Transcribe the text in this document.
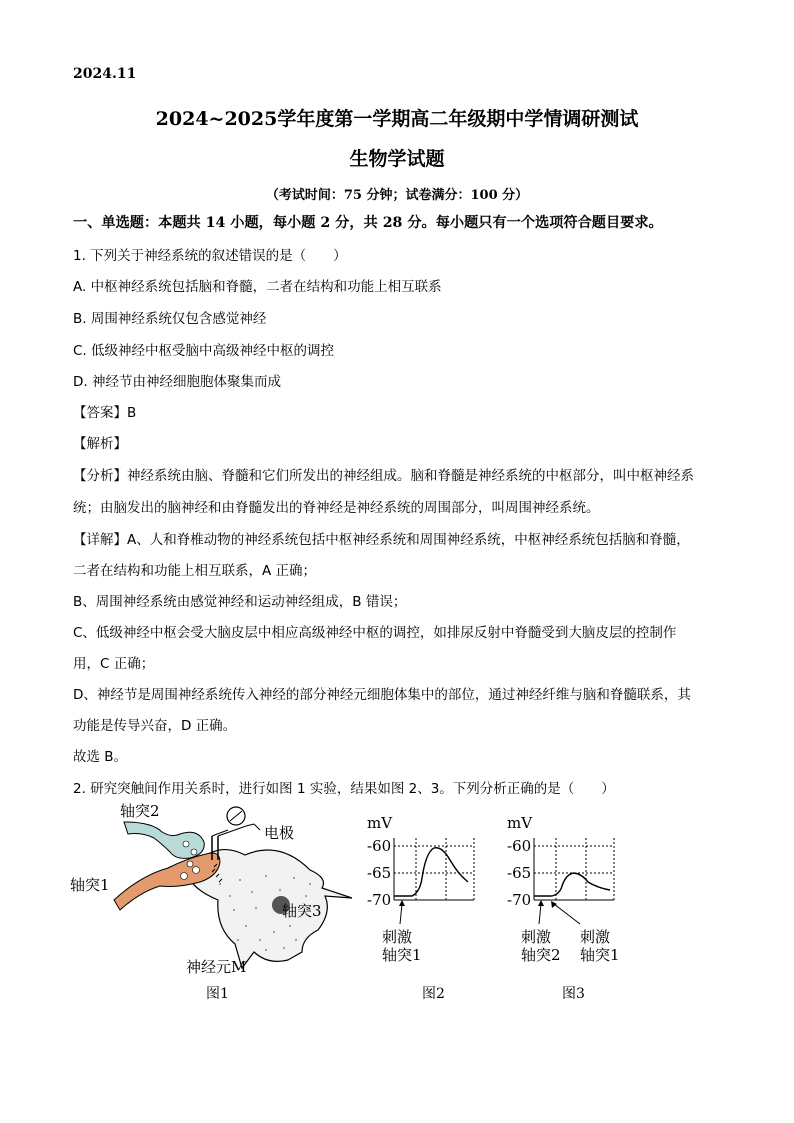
2024.11
2024~2025学年度第一学期高二年级期中学情调研测试
生物学试题
（考试时间：75 分钟；试卷满分：100 分）
一、单选题：本题共 14 小题，每小题 2 分，共 28 分。每小题只有一个选项符合题目要求。
1. 下列关于神经系统的叙述错误的是（　　）
A. 中枢神经系统包括脑和脊髓，二者在结构和功能上相互联系
B. 周围神经系统仅包含感觉神经
C. 低级神经中枢受脑中高级神经中枢的调控
D. 神经节由神经细胞胞体聚集而成
【答案】B
【解析】
【分析】神经系统由脑、脊髓和它们所发出的神经组成。脑和脊髓是神经系统的中枢部分，叫中枢神经系
统；由脑发出的脑神经和由脊髓发出的脊神经是神经系统的周围部分，叫周围神经系统。
【详解】A、人和脊椎动物的神经系统包括中枢神经系统和周围神经系统，中枢神经系统包括脑和脊髓，
二者在结构和功能上相互联系，A 正确；
B、周围神经系统由感觉神经和运动神经组成，B 错误；
C、低级神经中枢会受大脑皮层中相应高级神经中枢的调控，如排尿反射中脊髓受到大脑皮层的控制作
用，C 正确；
D、神经节是周围神经系统传入神经的部分神经元细胞体集中的部位，通过神经纤维与脑和脊髓联系，其
功能是传导兴奋，D 正确。
故选 B。
2. 研究突触间作用关系时，进行如图 1 实验，结果如图 2、3。下列分析正确的是（　　）
轴突2
轴突1
电极
轴突3
神经元M
图1
mV
-60
-65
-70
刺激
轴突1
图2
mV
-60
-65
-70
刺激
轴突2
刺激
轴突1
图3
